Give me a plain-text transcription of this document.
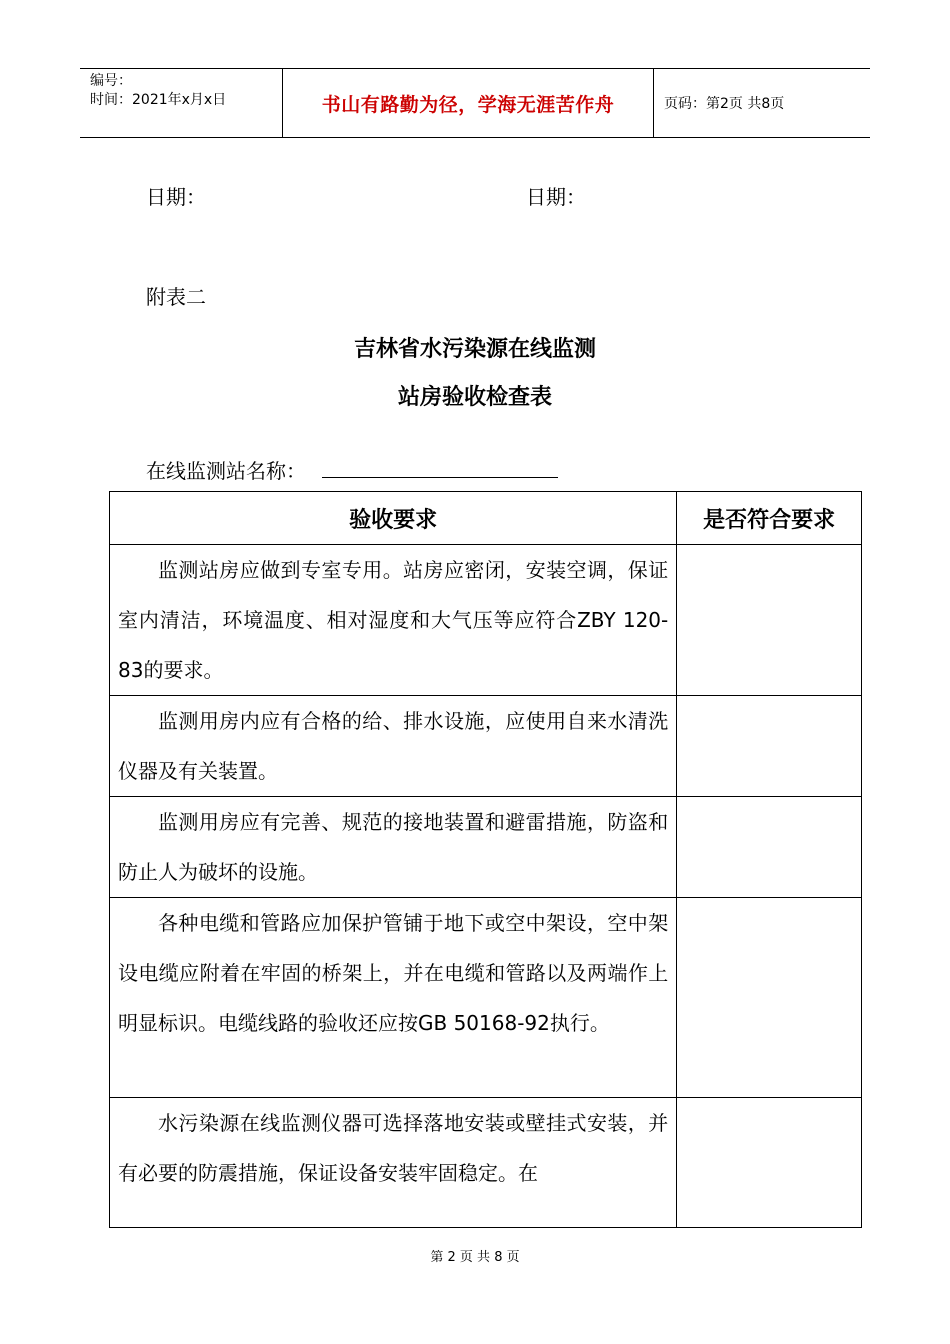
编号：
时间：2021年x月x日	书山有路勤为径，学海无涯苦作舟	页码：第2页 共8页
日期：	日期：
附表二
吉林省水污染源在线监测
站房验收检查表
在线监测站名称：
验收要求	是否符合要求
监测站房应做到专室专用。站房应密闭，安装空调，保证室内清洁，环境温度、相对湿度和大气压等应符合ZBY 120-83的要求。	
监测用房内应有合格的给、排水设施，应使用自来水清洗仪器及有关装置。	
监测用房应有完善、规范的接地装置和避雷措施，防盗和防止人为破坏的设施。	
各种电缆和管路应加保护管铺于地下或空中架设，空中架设电缆应附着在牢固的桥架上，并在电缆和管路以及两端作上明显标识。电缆线路的验收还应按GB 50168-92执行。	
水污染源在线监测仪器可选择落地安装或壁挂式安装，并有必要的防震措施，保证设备安装牢固稳定。在	
第 2 页 共 8 页
